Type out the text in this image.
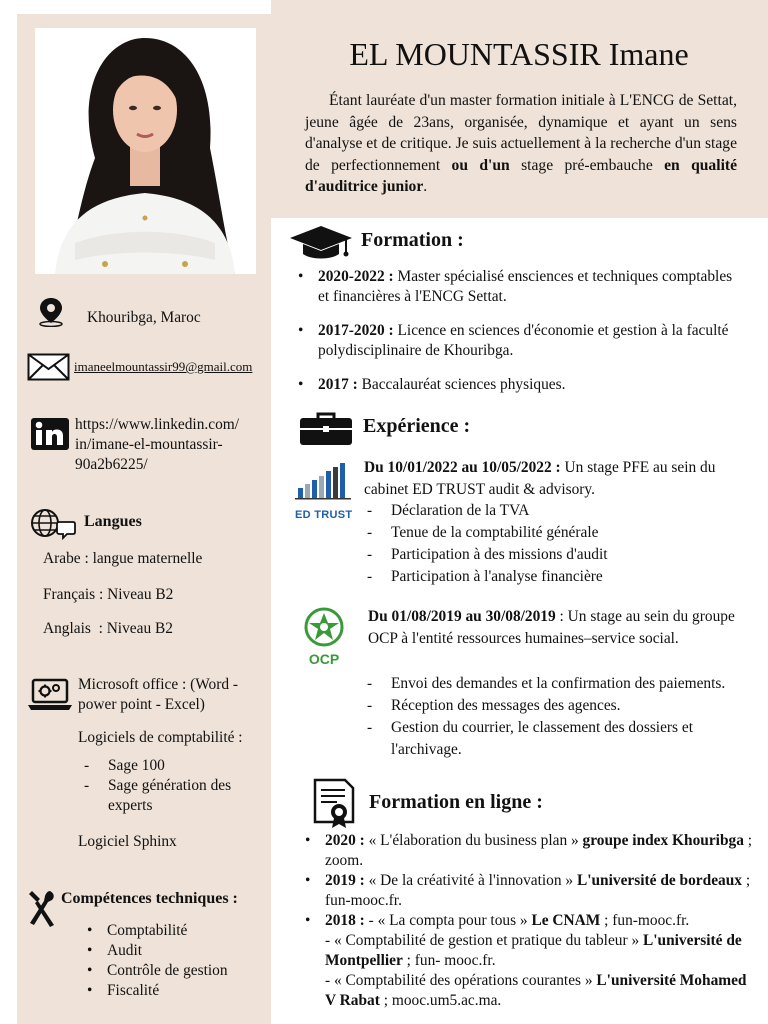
EL MOUNTASSIR Imane

Étant lauréate d'un master formation initiale à L'ENCG de Settat, jeune âgée de 23ans, organisée, dynamique et ayant un sens d'analyse et de critique. Je suis actuellement à la recherche d'un stage de perfectionnement ou d'un stage pré-embauche en qualité d'auditrice junior.

Khouribga, Maroc
imaneelmountassir99@gmail.com
https://www.linkedin.com/
in/imane-el-mountassir-
90a2b6225/
Langues
Arabe : langue maternelle
Français : Niveau B2
Anglais  : Niveau B2
Microsoft office : (Word -
power point - Excel)
Logiciels de comptabilité :
- Sage 100
- Sage génération des experts
Logiciel Sphinx
Compétences techniques :
• Comptabilité
• Audit
• Contrôle de gestion
• Fiscalité
Formation :
• 2020-2022 : Master spécialisé ensciences et techniques comptables et financières à l'ENCG Settat.
• 2017-2020 : Licence en sciences d'économie et gestion à la faculté polydisciplinaire de Khouribga.
• 2017 : Baccalauréat sciences physiques.
Expérience :
ED TRUST
Du 10/01/2022 au 10/05/2022 : Un stage PFE au sein du cabinet ED TRUST audit & advisory.
- Déclaration de la TVA
- Tenue de la comptabilité générale
- Participation à des missions d'audit
- Participation à l'analyse financière
OCP
Du 01/08/2019 au 30/08/2019 : Un stage au sein du groupe OCP à l'entité ressources humaines–service social.
- Envoi des demandes et la confirmation des paiements.
- Réception des messages des agences.
- Gestion du courrier, le classement des dossiers et l'archivage.
Formation en ligne :
• 2020 : « L'élaboration du business plan » groupe index Khouribga ; zoom.
• 2019 : « De la créativité à l'innovation » L'université de bordeaux ; fun-mooc.fr.
• 2018 : - « La compta pour tous » Le CNAM ; fun-mooc.fr.
- « Comptabilité de gestion et pratique du tableur » L'université de Montpellier ; fun- mooc.fr.
- « Comptabilité des opérations courantes » L'université Mohamed V Rabat ; mooc.um5.ac.ma.
